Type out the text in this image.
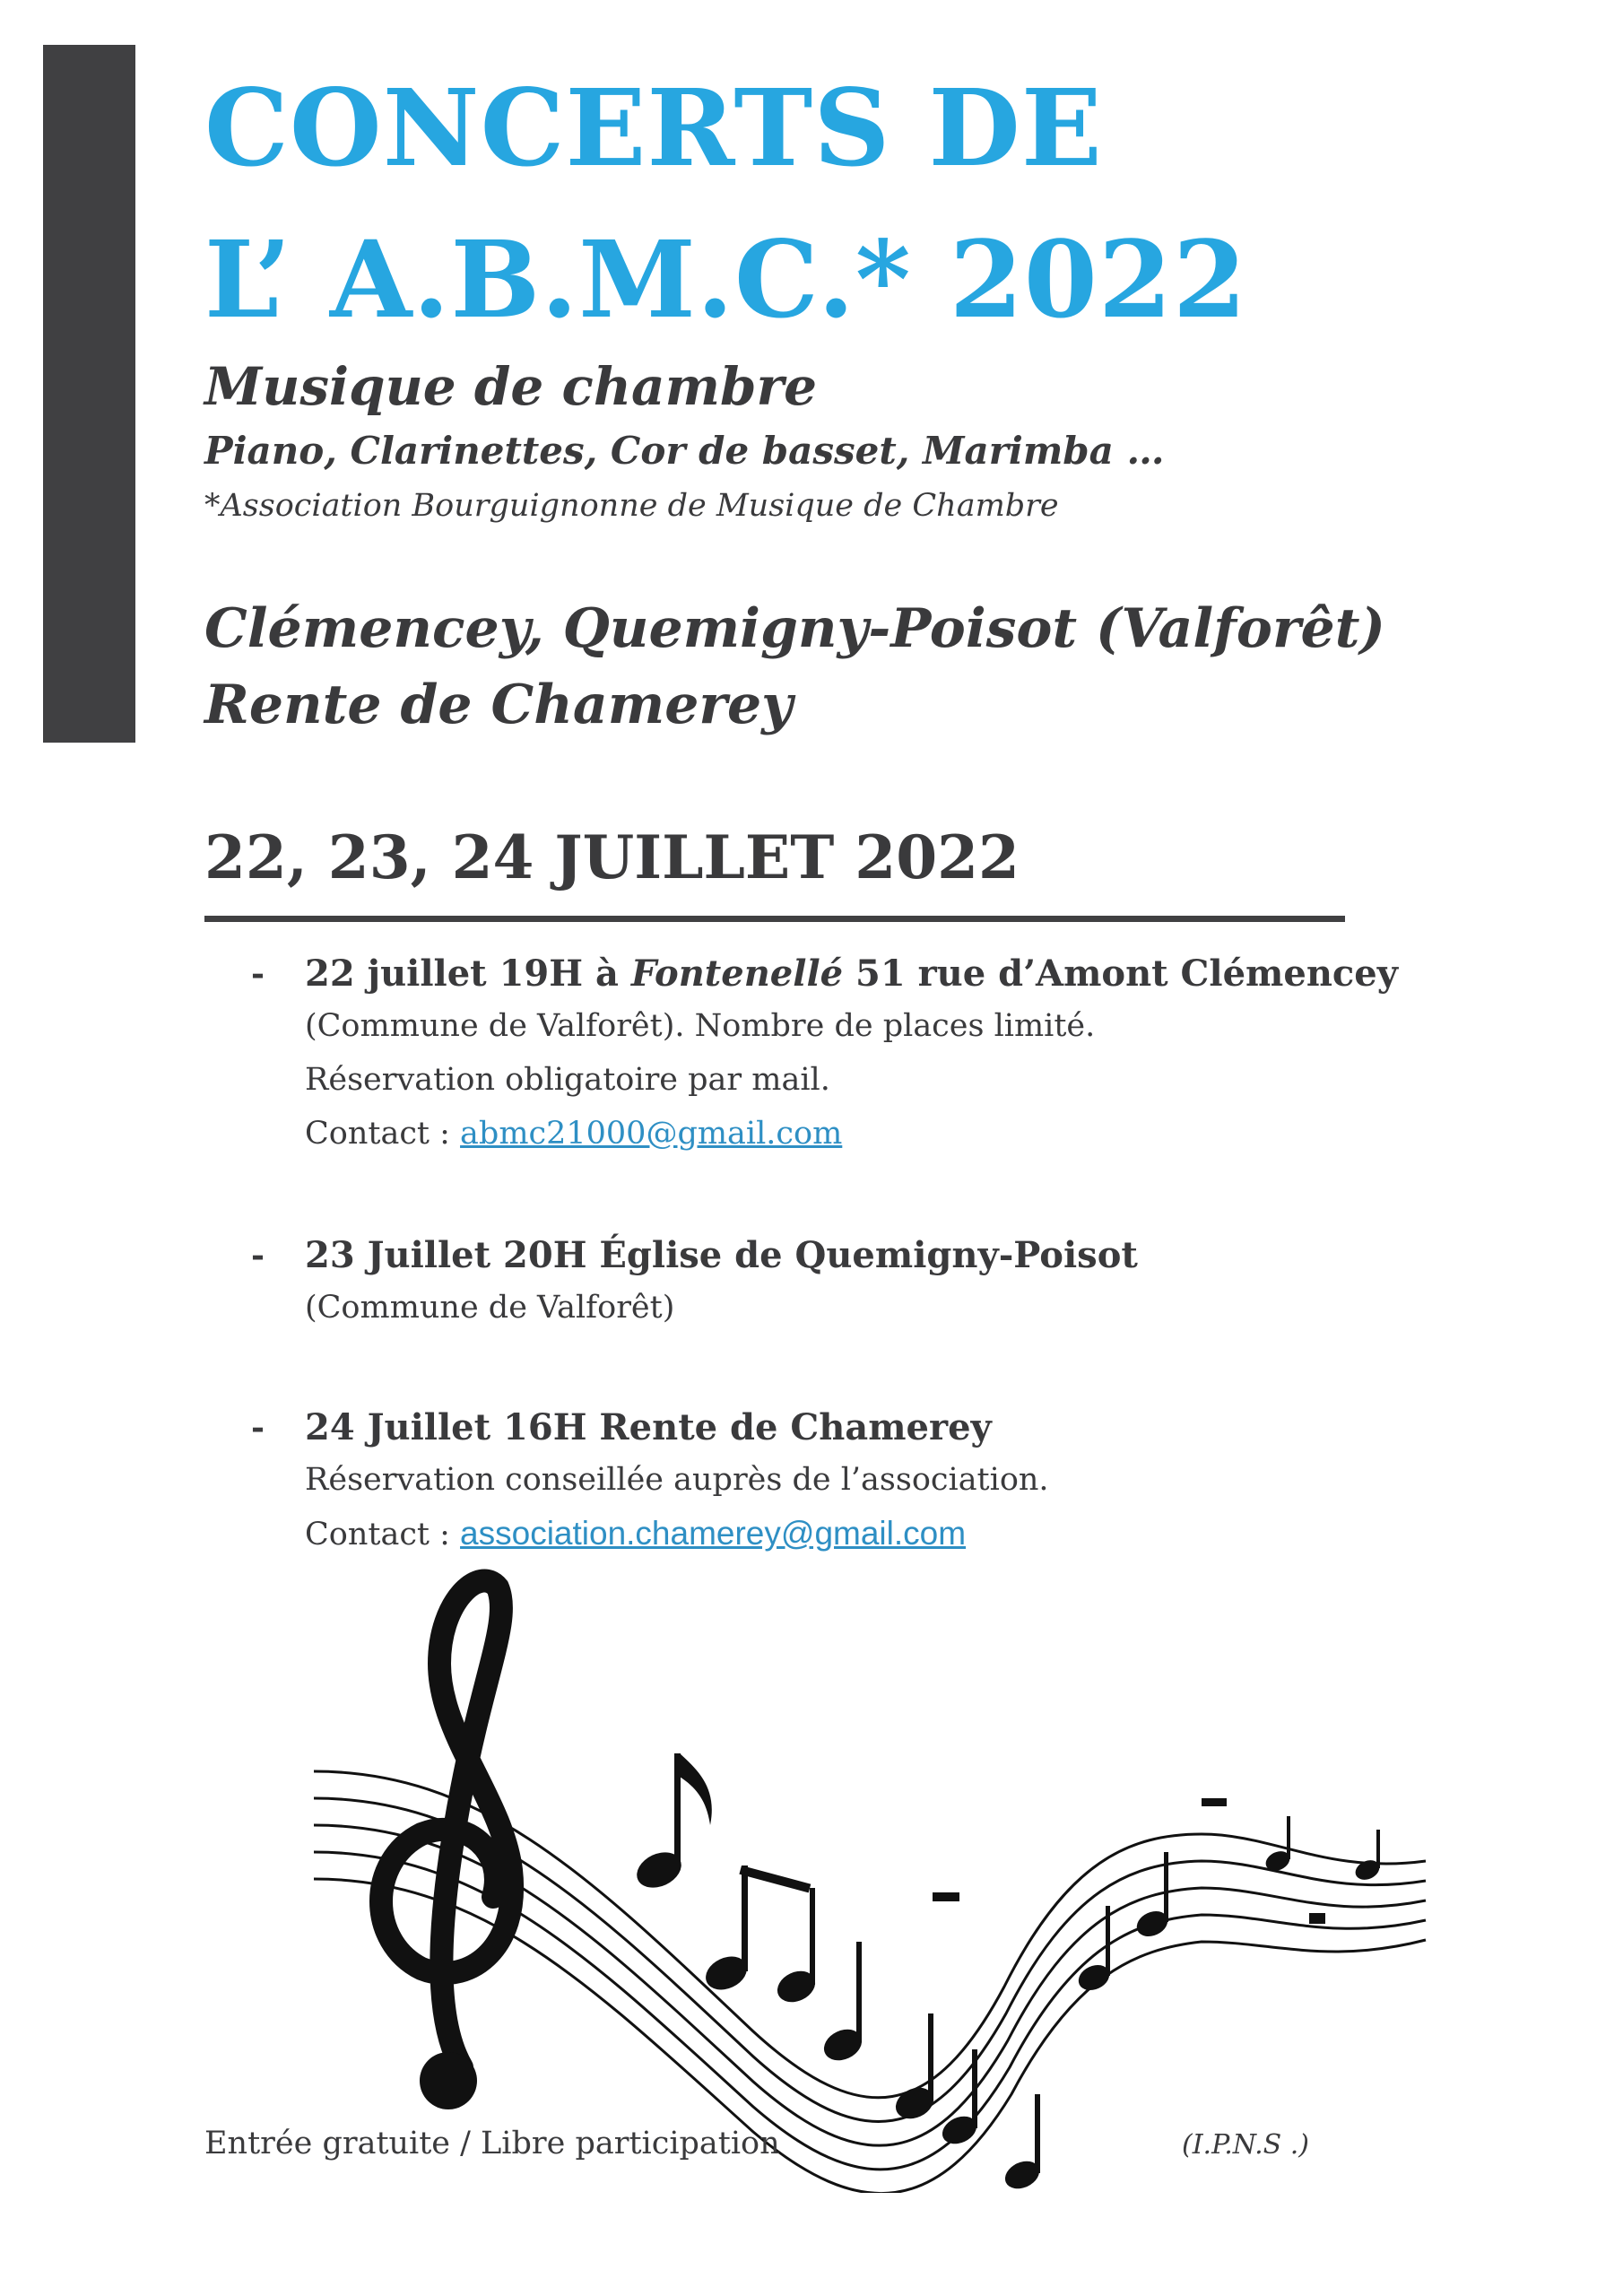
CONCERTS DE
L’ A.B.M.C.* 2022
Musique de chambre
Piano, Clarinettes, Cor de basset, Marimba …
*Association Bourguignonne de Musique de Chambre
Clémencey, Quemigny-Poisot (Valforêt)
Rente de Chamerey
22, 23, 24 JUILLET 2022
- 22 juillet 19H à Fontenellé 51 rue d’Amont Clémencey
(Commune de Valforêt). Nombre de places limité.
Réservation obligatoire par mail.
Contact : abmc21000@gmail.com
- 23 Juillet 20H Église de Quemigny-Poisot
(Commune de Valforêt)
- 24 Juillet 16H Rente de Chamerey
Réservation conseillée auprès de l’association.
Contact : association.chamerey@gmail.com
Entrée gratuite / Libre participation	(I.P.N.S .)
